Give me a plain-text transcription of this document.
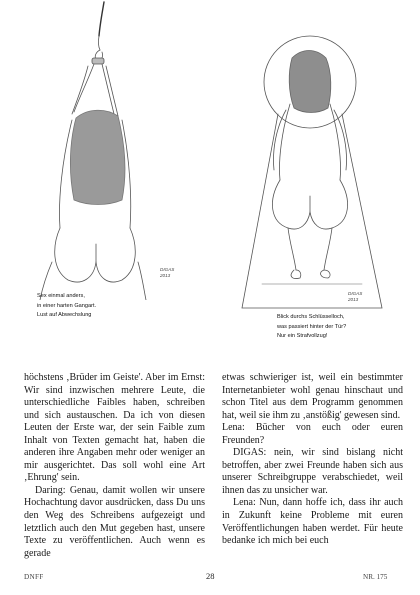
DIGAS
2013
Sex einmal anders,
in einer harten Gangart.
Lust auf Abwechslung
DIGAS
2013
Blick durchs Schlüsselloch,
was passiert hinter der Tür?
Nur ein Strafvollzug!

höchstens ‚Brüder im Geiste'. Aber im Ernst: Wir sind inzwischen mehrere Leute, die unterschiedliche Faibles haben, schreiben und sich austauschen. Da ich von diesen Leuten der Erste war, der sein Faible zum Inhalt von Texten gemacht hat, haben die anderen ihre Angaben mehr oder weniger an mir ausgerichtet. Das soll wohl eine Art ‚Ehrung' sein.

Daring: Genau, damit wollen wir unsere Hochachtung davor ausdrücken, dass Du uns den Weg des Schreibens aufgezeigt und letztlich auch den Mut gegeben hast, unsere Texte zu veröffentlichen. Auch wenn es gerade

etwas schwieriger ist, weil ein bestimmter Internetanbieter wohl genau hinschaut und schon Titel aus dem Programm genommen hat, weil sie ihm zu ‚anstößig' gewesen sind.

Lena: Bücher von euch oder euren Freunden?

DIGAS: nein, wir sind bislang nicht betroffen, aber zwei Freunde haben sich aus unserer Schreibgruppe verabschiedet, weil ihnen das zu unsicher war.

Lena: Nun, dann hoffe ich, dass ihr auch in Zukunft keine Probleme mit euren Veröffentlichungen haben werdet. Für heute bedanke ich mich bei euch

DNFF	28	NR. 175
